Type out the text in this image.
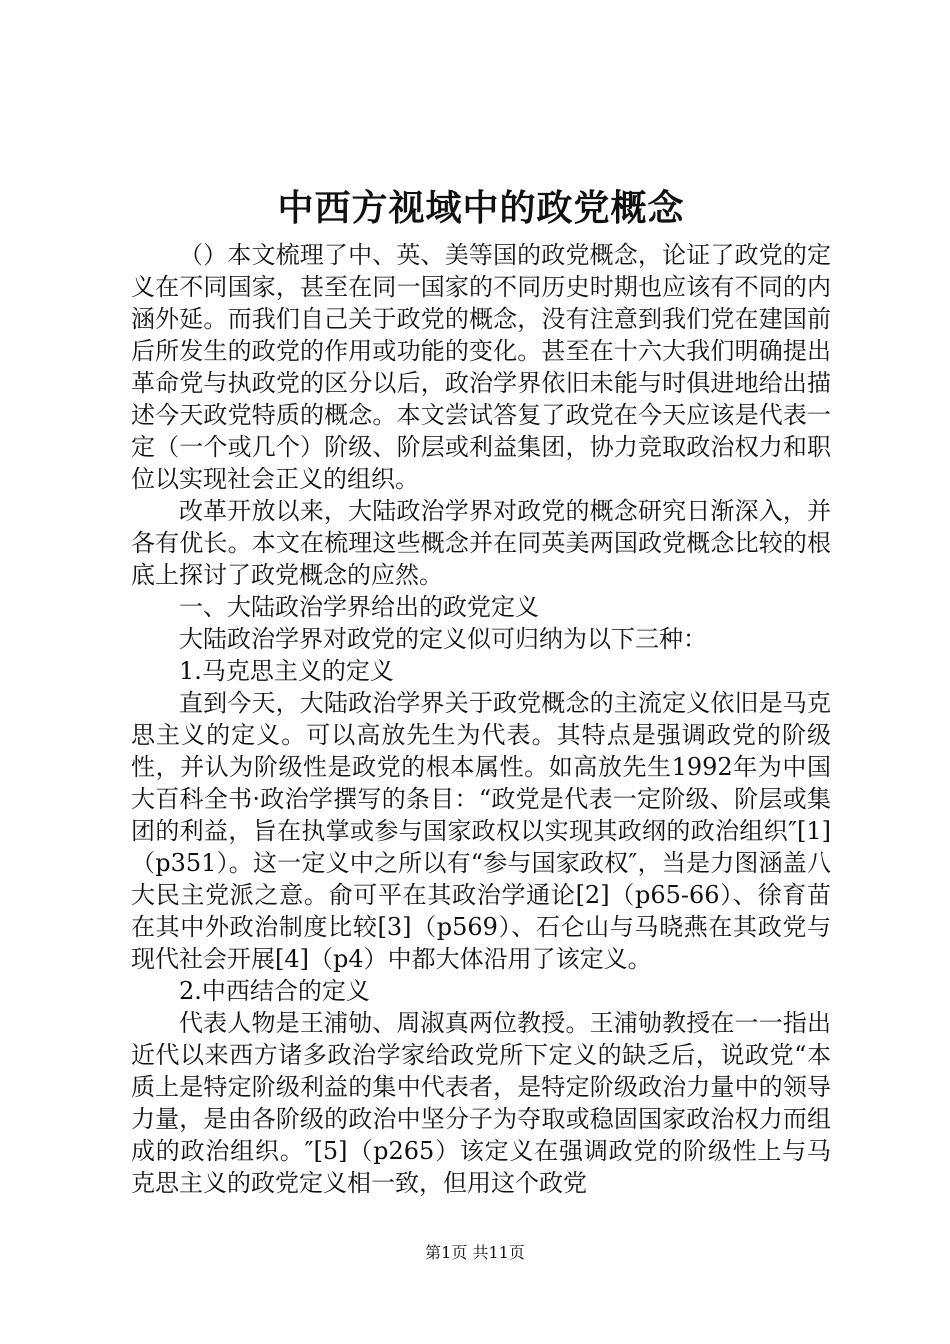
中西方视域中的政党概念

（）本文梳理了中、英、美等国的政党概念，论证了政党的定义在不同国家，甚至在同一国家的不同历史时期也应该有不同的内涵外延。而我们自己关于政党的概念，没有注意到我们党在建国前后所发生的政党的作用或功能的变化。甚至在十六大我们明确提出革命党与执政党的区分以后，政治学界依旧未能与时俱进地给出描述今天政党特质的概念。本文尝试答复了政党在今天应该是代表一定（一个或几个）阶级、阶层或利益集团，协力竞取政治权力和职位以实现社会正义的组织。

改革开放以来，大陆政治学界对政党的概念研究日渐深入，并各有优长。本文在梳理这些概念并在同英美两国政党概念比较的根底上探讨了政党概念的应然。

一、大陆政治学界给出的政党定义

大陆政治学界对政党的定义似可归纳为以下三种：

1.马克思主义的定义

直到今天，大陆政治学界关于政党概念的主流定义依旧是马克思主义的定义。可以高放先生为代表。其特点是强调政党的阶级性，并认为阶级性是政党的根本属性。如高放先生1992年为中国大百科全书·政治学撰写的条目：“政党是代表一定阶级、阶层或集团的利益，旨在执掌或参与国家政权以实现其政纲的政治组织″[1]（p351）。这一定义中之所以有“参与国家政权″，当是力图涵盖八大民主党派之意。俞可平在其政治学通论[2]（p65-66）、徐育苗在其中外政治制度比较[3]（p569）、石仑山与马晓燕在其政党与现代社会开展[4]（p4）中都大体沿用了该定义。

2.中西结合的定义

代表人物是王浦劬、周淑真两位教授。王浦劬教授在一一指出近代以来西方诸多政治学家给政党所下定义的缺乏后，说政党“本质上是特定阶级利益的集中代表者，是特定阶级政治力量中的领导力量，是由各阶级的政治中坚分子为夺取或稳固国家政治权力而组成的政治组织。″[5]（p265）该定义在强调政党的阶级性上与马克思主义的政党定义相一致，但用这个政党

第1页 共11页
